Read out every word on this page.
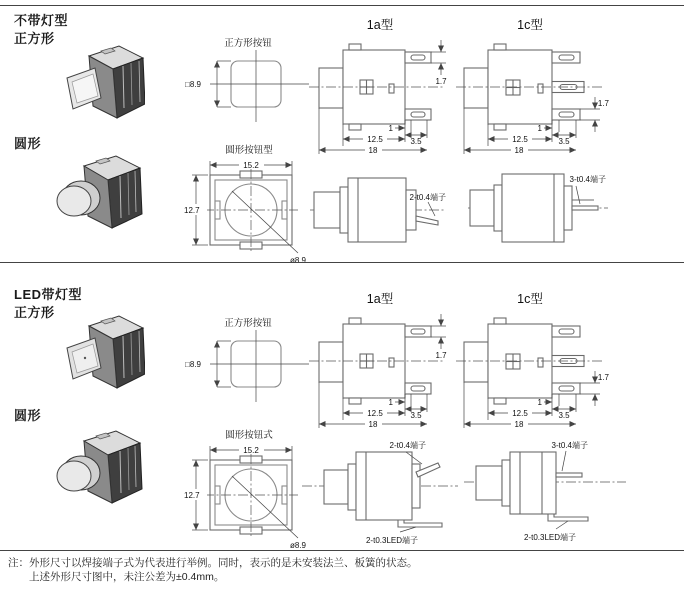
不带灯型
正方形	正方形按钮
□8.9
1a型
1.7
1
3.5
12.5
18
1c型
1.7
1
3.5
12.5
18
圆形	圆形按钮型
15.2
ø8.9
12.7
2-t0.4端子
3-t0.4端子
LED带灯型
正方形
正方形按钮
□8.9
1a型
1.7
1
3.5
12.5
18
1c型
1.7
1
3.5
12.5
18
圆形
圆形按钮式
15.2
ø8.9
12.7
2-t0.4端子
2-t0.3LED端子
3-t0.4端子
2-t0.3LED端子
注：外形尺寸以焊接端子式为代表进行举例。同时，表示的是未安装法兰、板簧的状态。
上述外形尺寸图中，未注公差为±0.4mm。
